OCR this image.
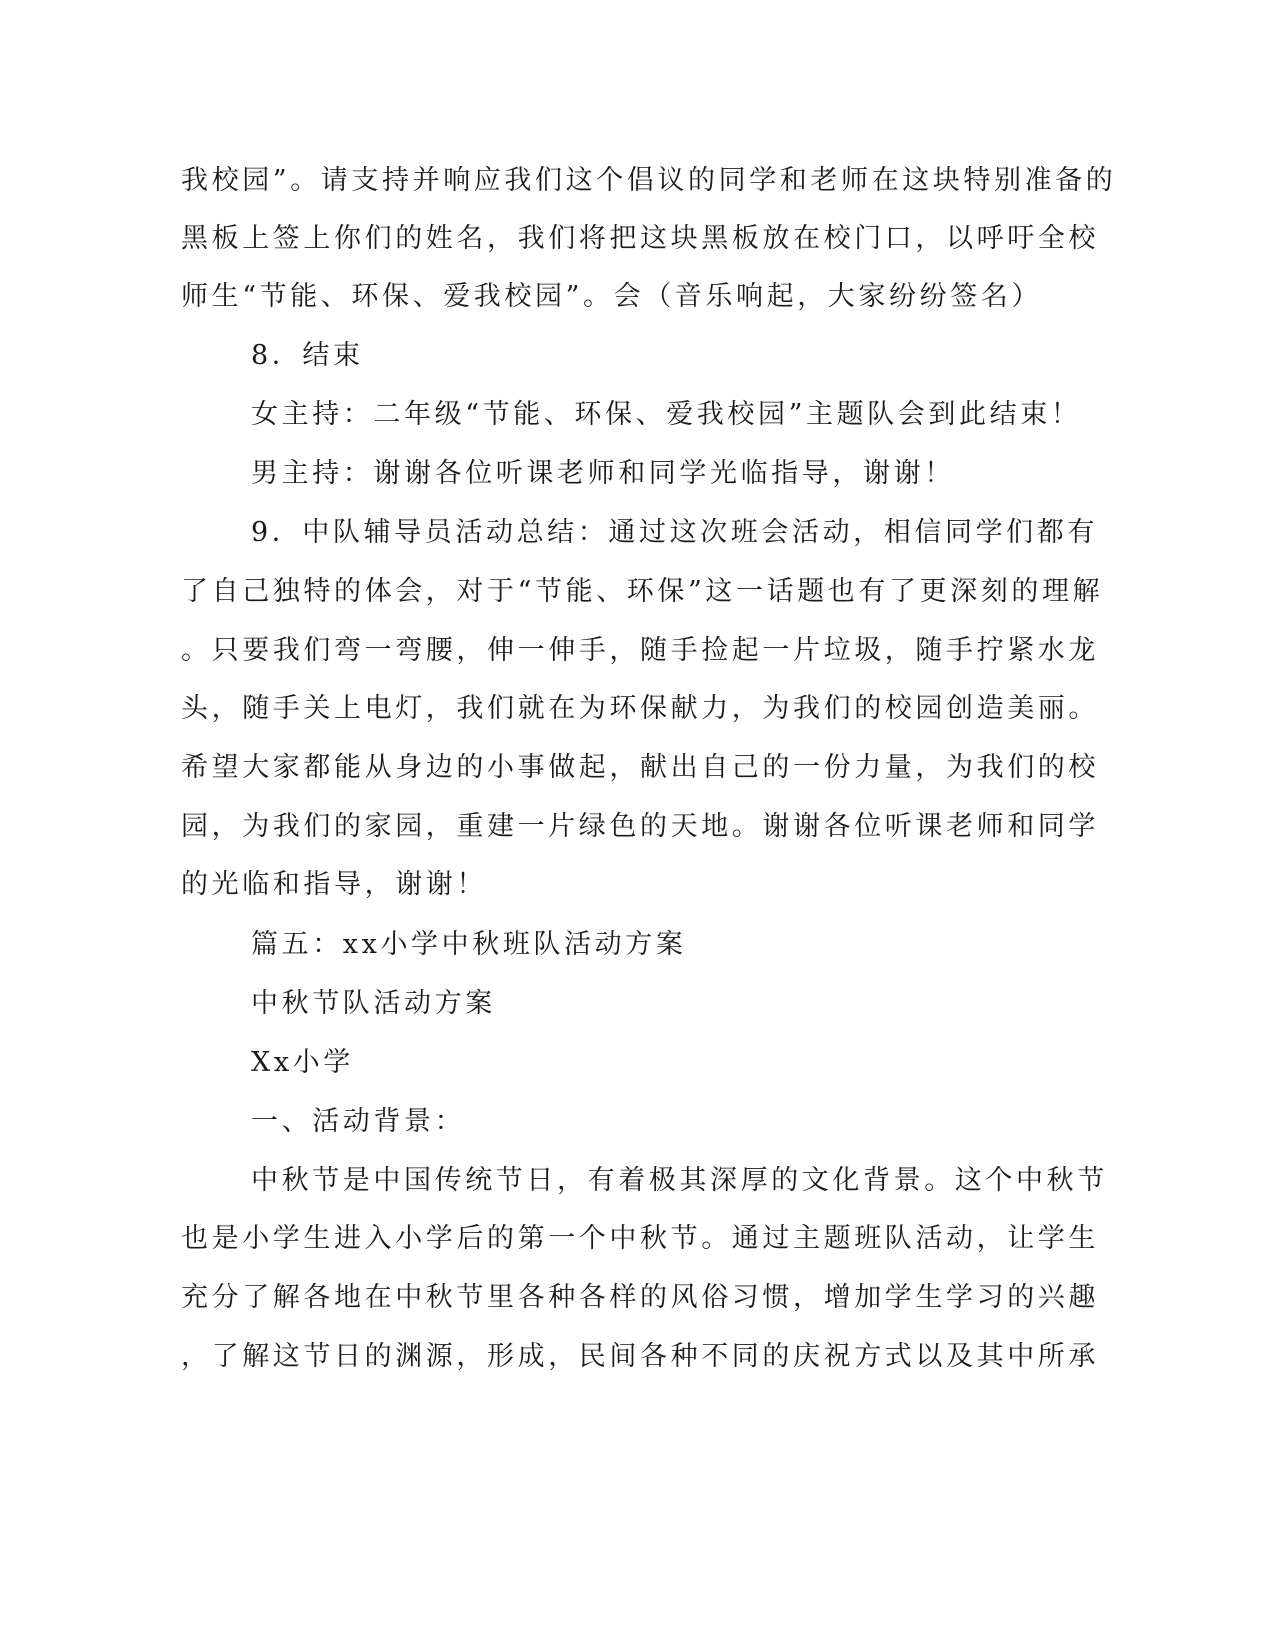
我校园”。请支持并响应我们这个倡议的同学和老师在这块特别准备的
黑板上签上你们的姓名，我们将把这块黑板放在校门口，以呼吁全校
师生“节能、环保、爱我校园”。会（音乐响起，大家纷纷签名）
8．结束
女主持：二年级“节能、环保、爱我校园”主题队会到此结束！
男主持：谢谢各位听课老师和同学光临指导，谢谢！
9．中队辅导员活动总结：通过这次班会活动，相信同学们都有
了自己独特的体会，对于“节能、环保”这一话题也有了更深刻的理解
。只要我们弯一弯腰，伸一伸手，随手捡起一片垃圾，随手拧紧水龙
头，随手关上电灯，我们就在为环保献力，为我们的校园创造美丽。
希望大家都能从身边的小事做起，献出自己的一份力量，为我们的校
园，为我们的家园，重建一片绿色的天地。谢谢各位听课老师和同学
的光临和指导，谢谢！
篇五：xx小学中秋班队活动方案
中秋节队活动方案
Xx小学
一、活动背景：
中秋节是中国传统节日，有着极其深厚的文化背景。这个中秋节
也是小学生进入小学后的第一个中秋节。通过主题班队活动，让学生
充分了解各地在中秋节里各种各样的风俗习惯，增加学生学习的兴趣
，了解这节日的渊源，形成，民间各种不同的庆祝方式以及其中所承
